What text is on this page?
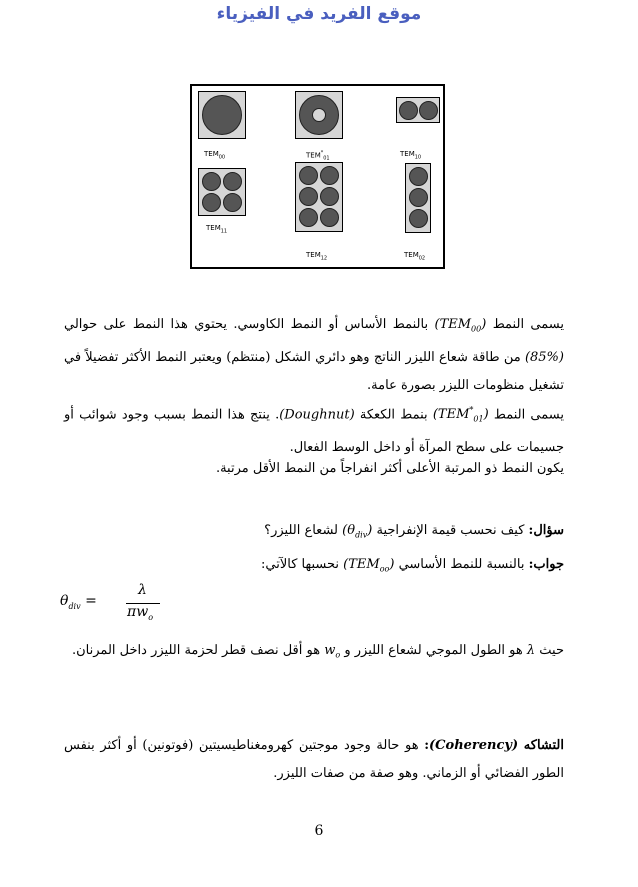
موقع الفريد في الفيزياء
$TEM_{00}$	$TEM^*_{01}$
$TEM_{10}$
$TEM_{11}$
$TEM_{12}$	$TEM_{02}$
يسمى النمط $(TEM_{00})$ بالنمط الأساس أو النمط الكاوسي. يحتوي هذا النمط على حوالي (85%) من طاقة شعاع الليزر الناتج وهو دائري الشكل (منتظم) ويعتبر النمط الأكثر تفضيلاً في تشغيل منظومات الليزر بصورة عامة.
يسمى النمط $(TEM^*_{01})$ بنمط الكعكة (Doughnut). ينتج هذا النمط بسبب وجود شوائب أو جسيمات على سطح المرآة أو داخل الوسط الفعال.
يكون النمط ذو المرتبة الأعلى أكثر انفراجاً من النمط الأقل مرتبة.
سؤال: كيف نحسب قيمة الإنفراجية $(\theta_{div})$ لشعاع الليزر؟
جواب: بالنسبة للنمط الأساسي $(TEM_{oo})$ نحسبها كالآتي:
$\theta_{div}$ =
λ
$\pi w_o$
حيث λ هو الطول الموجي لشعاع الليزر و $w_o$ هو أقل نصف قطر لحزمة الليزر داخل المرنان.
التشاكه (Coherency): هو حالة وجود موجتين كهرومغناطيسيتين (فوتونين) أو أكثر بنفس الطور الفضائي أو الزماني. وهو صفة من صفات الليزر.
6
